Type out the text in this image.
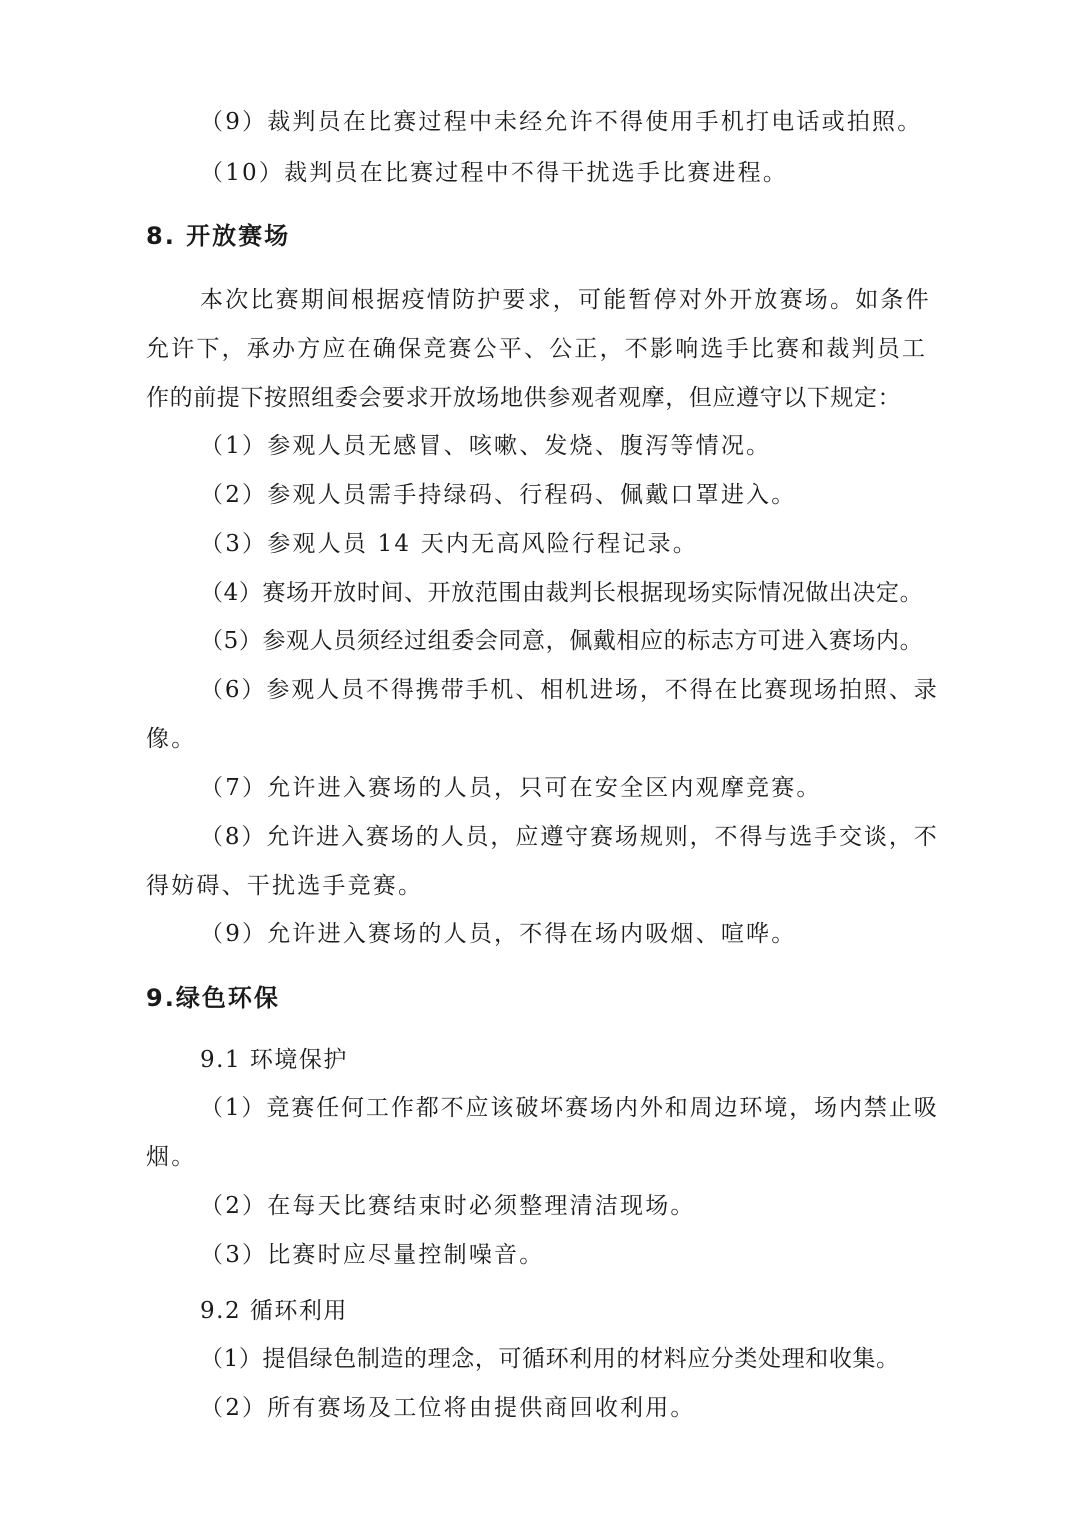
（9）裁判员在比赛过程中未经允许不得使用手机打电话或拍照。
（10）裁判员在比赛过程中不得干扰选手比赛进程。
8. 开放赛场
本次比赛期间根据疫情防护要求，可能暂停对外开放赛场。如条件
允许下，承办方应在确保竞赛公平、公正，不影响选手比赛和裁判员工
作的前提下按照组委会要求开放场地供参观者观摩，但应遵守以下规定：
（1）参观人员无感冒、咳嗽、发烧、腹泻等情况。
（2）参观人员需手持绿码、行程码、佩戴口罩进入。
（3）参观人员 14 天内无高风险行程记录。
（4）赛场开放时间、开放范围由裁判长根据现场实际情况做出决定。
（5）参观人员须经过组委会同意，佩戴相应的标志方可进入赛场内。
（6）参观人员不得携带手机、相机进场，不得在比赛现场拍照、录
像。
（7）允许进入赛场的人员，只可在安全区内观摩竞赛。
（8）允许进入赛场的人员，应遵守赛场规则，不得与选手交谈，不
得妨碍、干扰选手竞赛。
（9）允许进入赛场的人员，不得在场内吸烟、喧哗。
9.绿色环保
9.1 环境保护
（1）竞赛任何工作都不应该破坏赛场内外和周边环境，场内禁止吸
烟。
（2）在每天比赛结束时必须整理清洁现场。
（3）比赛时应尽量控制噪音。
9.2 循环利用
（1）提倡绿色制造的理念，可循环利用的材料应分类处理和收集。
（2）所有赛场及工位将由提供商回收利用。
